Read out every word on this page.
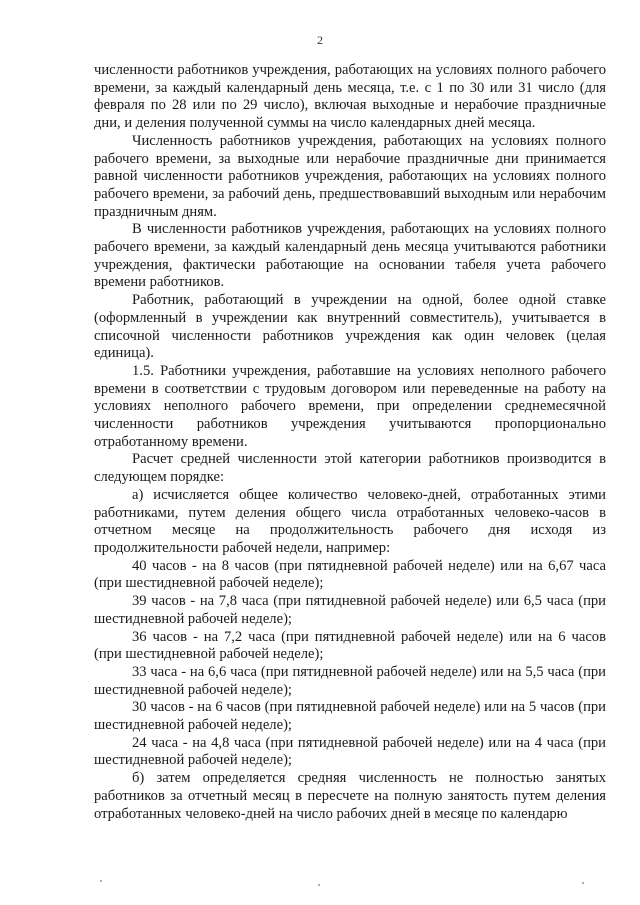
2

численности работников учреждения, работающих на условиях полного рабочего времени, за каждый календарный день месяца, т.е. с 1 по 30 или 31 число (для февраля по 28 или по 29 число), включая выходные и нерабочие праздничные дни, и деления полученной суммы на число календарных дней месяца.

Численность работников учреждения, работающих на условиях полного рабочего времени, за выходные или нерабочие праздничные дни принимается равной численности работников учреждения, работающих на условиях полного рабочего времени, за рабочий день, предшествовавший выходным или нерабочим праздничным дням.

В численности работников учреждения, работающих на условиях полного рабочего времени, за каждый календарный день месяца учитываются работники учреждения, фактически работающие на основании табеля учета рабочего времени работников.

Работник, работающий в учреждении на одной, более одной ставке (оформленный в учреждении как внутренний совместитель), учитывается в списочной численности работников учреждения как один человек (целая единица).

1.5. Работники учреждения, работавшие на условиях неполного рабочего времени в соответствии с трудовым договором или переведенные на работу на условиях неполного рабочего времени, при определении среднемесячной численности работников учреждения учитываются пропорционально отработанному времени.

Расчет средней численности этой категории работников производится в следующем порядке:

а) исчисляется общее количество человеко-дней, отработанных этими работниками, путем деления общего числа отработанных человеко-часов в отчетном месяце на продолжительность рабочего дня исходя из продолжительности рабочей недели, например:

40 часов - на 8 часов (при пятидневной рабочей неделе) или на 6,67 часа (при шестидневной рабочей неделе);

39 часов - на 7,8 часа (при пятидневной рабочей неделе) или 6,5 часа (при шестидневной рабочей неделе);

36 часов - на 7,2 часа (при пятидневной рабочей неделе) или на 6 часов (при шестидневной рабочей неделе);

33 часа - на 6,6 часа (при пятидневной рабочей неделе) или на 5,5 часа (при шестидневной рабочей неделе);

30 часов - на 6 часов (при пятидневной рабочей неделе) или на 5 часов (при шестидневной рабочей неделе);

24 часа - на 4,8 часа (при пятидневной рабочей неделе) или на 4 часа (при шестидневной рабочей неделе);

б) затем определяется средняя численность не полностью занятых работников за отчетный месяц в пересчете на полную занятость путем деления отработанных человеко-дней на число рабочих дней в месяце по календарю
